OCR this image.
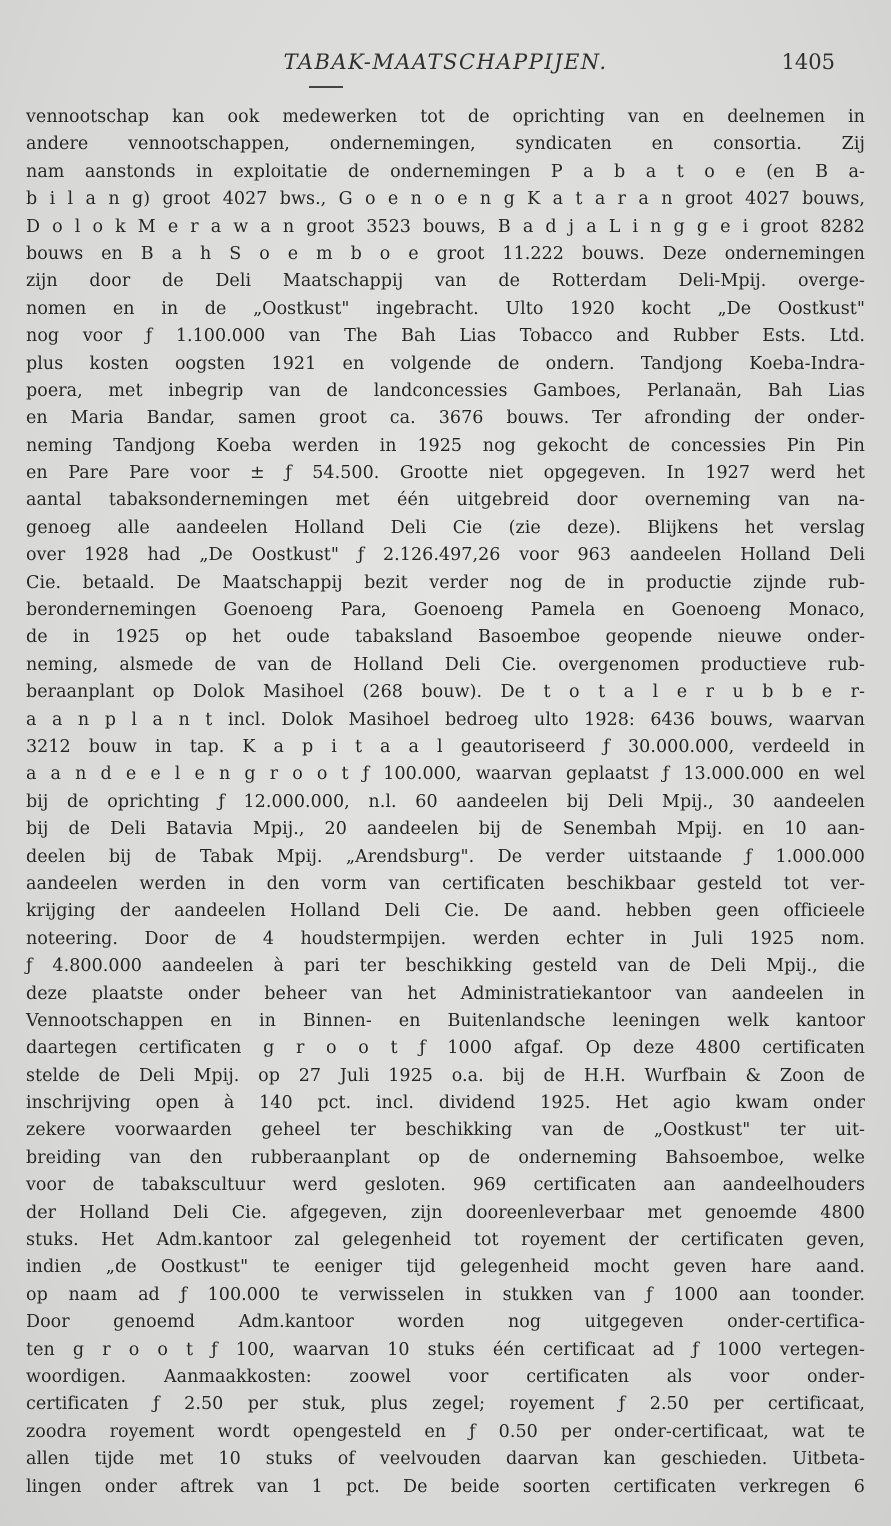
TABAK-MAATSCHAPPIJEN.	1405
vennootschap kan ook medewerken tot de oprichting van en deelnemen in
andere vennootschappen, ondernemingen, syndicaten en consortia. Zij
nam aanstonds in exploitatie de ondernemingen P a b a t o e (en B a-
b i l a n g) groot 4027 bws., G o e n o e n g K a t a r a n groot 4027 bouws,
D o l o k M e r a w a n groot 3523 bouws, B a d j a L i n g g e i groot 8282
bouws en B a h S o e m b o e groot 11.222 bouws. Deze ondernemingen
zijn door de Deli Maatschappij van de Rotterdam Deli-Mpij. overge-
nomen en in de „Oostkust" ingebracht. Ulto 1920 kocht „De Oostkust"
nog voor ƒ 1.100.000 van The Bah Lias Tobacco and Rubber Ests. Ltd.
plus kosten oogsten 1921 en volgende de ondern. Tandjong Koeba-Indra-
poera, met inbegrip van de landconcessies Gamboes, Perlanaän, Bah Lias
en Maria Bandar, samen groot ca. 3676 bouws. Ter afronding der onder-
neming Tandjong Koeba werden in 1925 nog gekocht de concessies Pin Pin
en Pare Pare voor ± ƒ 54.500. Grootte niet opgegeven. In 1927 werd het
aantal tabaksondernemingen met één uitgebreid door overneming van na-
genoeg alle aandeelen Holland Deli Cie (zie deze). Blijkens het verslag
over 1928 had „De Oostkust" ƒ 2.126.497,26 voor 963 aandeelen Holland Deli
Cie. betaald. De Maatschappij bezit verder nog de in productie zijnde rub-
berondernemingen Goenoeng Para, Goenoeng Pamela en Goenoeng Monaco,
de in 1925 op het oude tabaksland Basoemboe geopende nieuwe onder-
neming, alsmede de van de Holland Deli Cie. overgenomen productieve rub-
beraanplant op Dolok Masihoel (268 bouw). De t o t a l e r u b b e r-
a a n p l a n t incl. Dolok Masihoel bedroeg ulto 1928: 6436 bouws, waarvan
3212 bouw in tap. K a p i t a a l geautoriseerd ƒ 30.000.000, verdeeld in
a a n d e e l e n g r o o t ƒ 100.000, waarvan geplaatst ƒ 13.000.000 en wel
bij de oprichting ƒ 12.000.000, n.l. 60 aandeelen bij Deli Mpij., 30 aandeelen
bij de Deli Batavia Mpij., 20 aandeelen bij de Senembah Mpij. en 10 aan-
deelen bij de Tabak Mpij. „Arendsburg". De verder uitstaande ƒ 1.000.000
aandeelen werden in den vorm van certificaten beschikbaar gesteld tot ver-
krijging der aandeelen Holland Deli Cie. De aand. hebben geen officieele
noteering. Door de 4 houdstermpijen. werden echter in Juli 1925 nom.
ƒ 4.800.000 aandeelen à pari ter beschikking gesteld van de Deli Mpij., die
deze plaatste onder beheer van het Administratiekantoor van aandeelen in
Vennootschappen en in Binnen- en Buitenlandsche leeningen welk kantoor
daartegen certificaten g r o o t ƒ 1000 afgaf. Op deze 4800 certificaten
stelde de Deli Mpij. op 27 Juli 1925 o.a. bij de H.H. Wurfbain & Zoon de
inschrijving open à 140 pct. incl. dividend 1925. Het agio kwam onder
zekere voorwaarden geheel ter beschikking van de „Oostkust" ter uit-
breiding van den rubberaanplant op de onderneming Bahsoemboe, welke
voor de tabakscultuur werd gesloten. 969 certificaten aan aandeelhouders
der Holland Deli Cie. afgegeven, zijn dooreenleverbaar met genoemde 4800
stuks. Het Adm.kantoor zal gelegenheid tot royement der certificaten geven,
indien „de Oostkust" te eeniger tijd gelegenheid mocht geven hare aand.
op naam ad ƒ 100.000 te verwisselen in stukken van ƒ 1000 aan toonder.
Door genoemd Adm.kantoor worden nog uitgegeven onder-certifica-
ten g r o o t ƒ 100, waarvan 10 stuks één certificaat ad ƒ 1000 vertegen-
woordigen. Aanmaakkosten: zoowel voor certificaten als voor onder-
certificaten ƒ 2.50 per stuk, plus zegel; royement ƒ 2.50 per certificaat,
zoodra royement wordt opengesteld en ƒ 0.50 per onder-certificaat, wat te
allen tijde met 10 stuks of veelvouden daarvan kan geschieden. Uitbeta-
lingen onder aftrek van 1 pct. De beide soorten certificaten verkregen 6
